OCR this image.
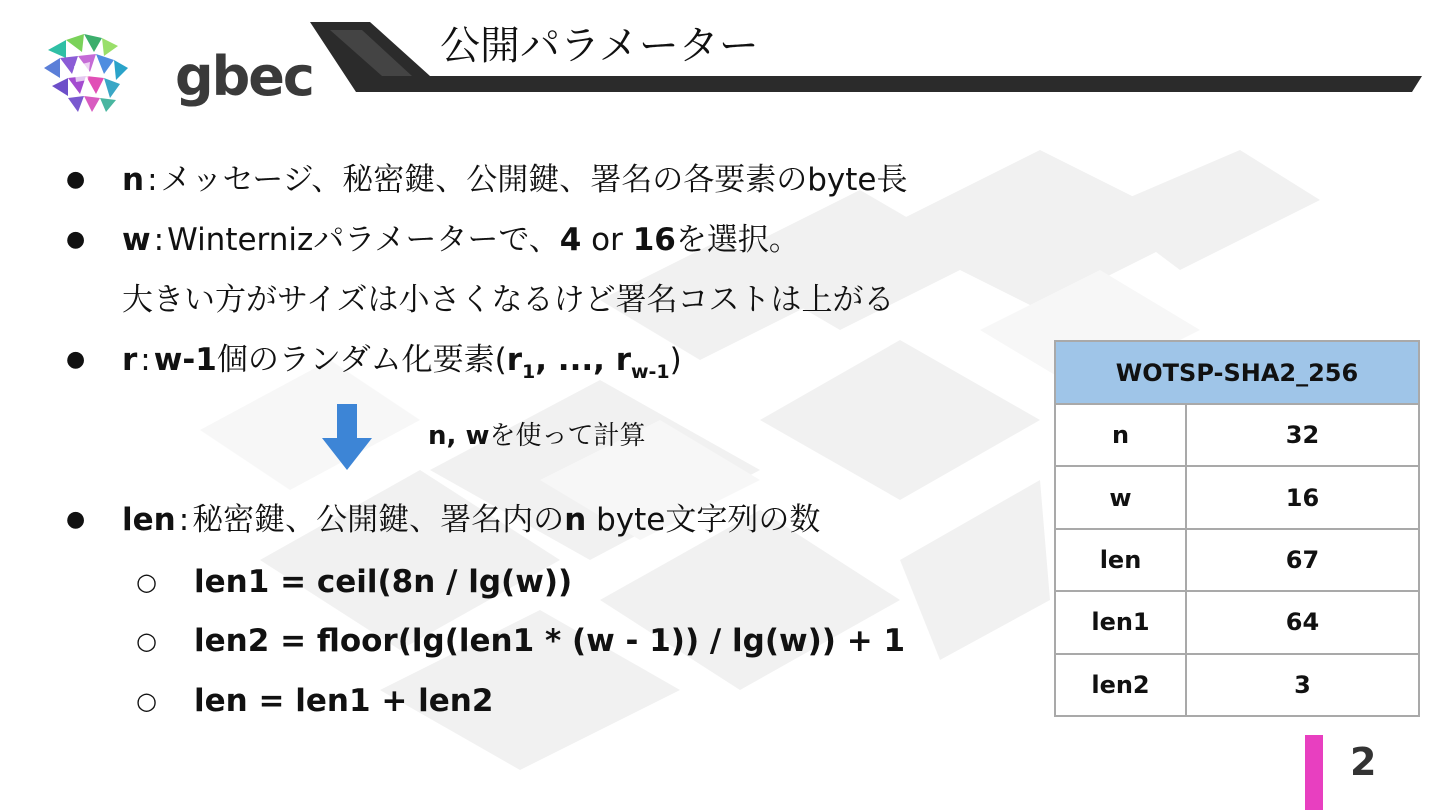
gbec	公開パラメーター
● n:メッセージ、秘密鍵、公開鍵、署名の各要素のbyte長
● w:Winternizパラメーターで、4 or 16を選択。
大きい方がサイズは小さくなるけど署名コストは上がる
● r:w-1個のランダム化要素($r_1$, ..., $r_{w-1}$)
n, wを使って計算
● len:秘密鍵、公開鍵、署名内のn byte文字列の数
○ len1 = ceil(8n / lg(w))
○ len2 = floor(lg(len1 * (w - 1)) / lg(w)) + 1
○ len = len1 + len2
WOTSP-SHA2_256	
n	32
w	16
len	67
len1	64
len2	3
2
